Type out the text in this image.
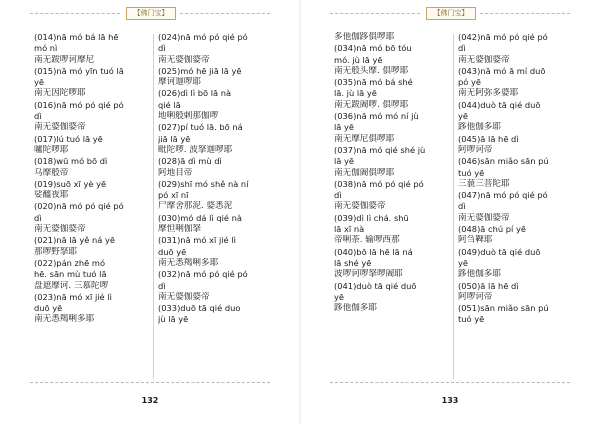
【佛门宝】
(014)nā mó bá lā hē
mó nì
南无跋啰诃摩尼
(015)nā mó yīn tuó lā
yē
南无因陀啰耶
(016)nā mó pó qié pó
dì
南无婆伽婆帝
(017)lú tuó lā yē
嚧陀啰耶
(018)wū mó bō dì
乌摩般帝
(019)suō xī yè yē
娑醯夜耶
(020)nā mó pó qié pó
dì
南无婆伽婆帝
(021)nā lā yě ná yē
那啰野拏耶
(022)pán zhē mó
hē. sān mù tuó lā
盘遮摩诃. 三慕陀啰
(023)nā mó xī jié lì
duō yē
南无悉羯唎多耶
(024)nā mó pó qié pó
dì
南无婆伽婆帝
(025)mó hē jiā lā yē
摩诃迦啰耶
(026)dì lì bō lā nà
qié lā
地唎般剌那伽啰
(027)pí tuó lā. bō ná
jiā lā yē
毗陀啰. 波拏迦啰耶
(028)ā dì mù dì
阿地目帝
(029)shī mó shě nà ní
pó xī nī
尸摩舍那泥. 婆悉泥
(030)mó dá lì qié nà
摩怛唎伽拏
(031)nā mó xī jié lì
duō yē
南无悉羯唎多耶
(032)nā mó pó qié pó
dì
南无婆伽婆帝
(033)duō tā qié duo
jù lā yē
132
【佛门宝】
多他伽跢俱啰耶
(034)nā mó bō tóu
mó. jù lā yē
南无般头摩. 俱啰耶
(035)nā mó bá shé
lā. jù lā yē
南无跋阇啰. 俱啰耶
(036)nā mó mó ní jù
lā yē
南无摩尼俱啰耶
(037)nā mó qié shé jù
lā yē
南无伽阇俱啰耶
(038)nā mó pó qié pó
dì
南无婆伽婆帝
(039)dì lì chá. shū
lā xī nà
帝唎荼. 输啰西那
(040)bō lā hē lā ná
lā shé yē
波啰诃啰拏啰阇耶
(041)duò tā qié duō
yē
跢他伽多耶
(042)nā mó pó qié pó
dì
南无婆伽婆帝
(043)nā mó ā mí duō
pó yē
南无阿弥多婆耶
(044)duò tā qié duō
yē
跢他伽多耶
(045)ā lā hē dì
阿啰诃帝
(046)sān miǎo sān pú
tuó yē
三藐三菩陀耶
(047)nā mó pó qié pó
dì
南无婆伽婆帝
(048)ā chú pí yē
阿刍鞞耶
(049)duò tā qié duō
yē
跢他伽多耶
(050)ā lā hē dì
阿啰诃帝
(051)sān miǎo sān pú
tuó yē
133
